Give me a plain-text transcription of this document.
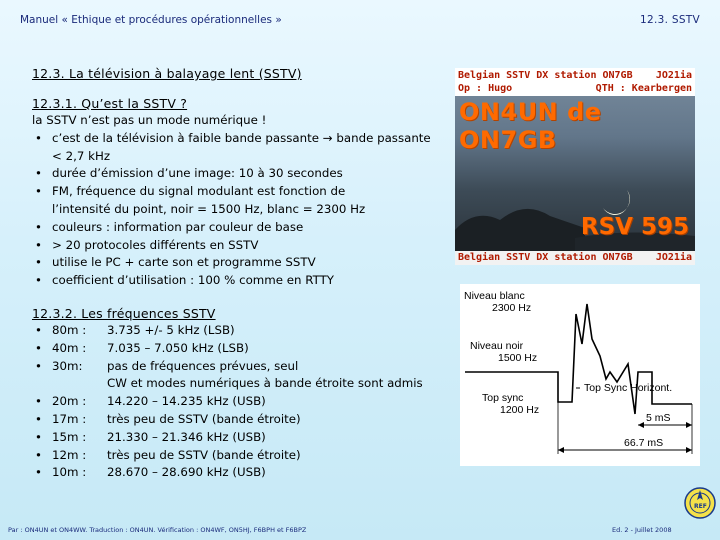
Manuel « Ethique et procédures opérationnelles »	12.3. SSTV
12.3. La télévision à balayage lent (SSTV)
12.3.1. Qu’est la SSTV ?
la SSTV n’est pas un mode numérique !
• c’est de la télévision à faible bande passante → bande passante
< 2,7 kHz
• durée d’émission d’une image: 10 à 30 secondes
• FM, fréquence du signal modulant est fonction de
l’intensité du point, noir = 1500 Hz, blanc = 2300 Hz
• couleurs : information par couleur de base
• > 20 protocoles différents en SSTV
• utilise le PC + carte son et programme SSTV
• coefficient d’utilisation : 100 % comme en RTTY
12.3.2. Les fréquences SSTV
• 80m :	3.735 +/- 5 kHz (LSB)
• 40m :	7.035 – 7.050 kHz (LSB)
• 30m:	pas de fréquences prévues, seul
CW et modes numériques à bande étroite sont admis
• 20m :	14.220 – 14.235 kHz (USB)
• 17m :	très peu de SSTV (bande étroite)
• 15m :	21.330 – 21.346 kHz (USB)
• 12m :	très peu de SSTV (bande étroite)
• 10m :	28.670 – 28.690 kHz (USB)
Belgian SSTV DX station ON7GB JO21ia
Op : Hugo	QTH : Kearbergen
ON4UN de ON7GB
RSV 595
Belgian SSTV DX station ON7GB JO21ia
Niveau blanc
2300 Hz
Niveau noir
1500 Hz
Top sync
1200 Hz
Top Sync Horizont.
5 mS
66.7 mS
Par : ON4UN et ON4WW. Traduction : ON4UN. Vérification : ON4WF, ON5HJ, F6BPH et F6BPZ	Ed. 2 - Juillet 2008
REF
